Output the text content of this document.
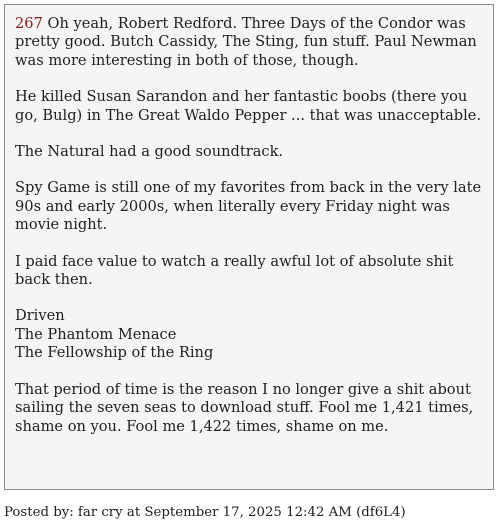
267 Oh yeah, Robert Redford. Three Days of the Condor was pretty good. Butch Cassidy, The Sting, fun stuff. Paul Newman was more interesting in both of those, though.

He killed Susan Sarandon and her fantastic boobs (there you go, Bulg) in The Great Waldo Pepper ... that was unacceptable.

The Natural had a good soundtrack.

Spy Game is still one of my favorites from back in the very late 90s and early 2000s, when literally every Friday night was movie night.

I paid face value to watch a really awful lot of absolute shit back then.

Driven
The Phantom Menace
The Fellowship of the Ring

That period of time is the reason I no longer give a shit about sailing the seven seas to download stuff. Fool me 1,421 times, shame on you. Fool me 1,422 times, shame on me.

Posted by: far cry at September 17, 2025 12:42 AM (df6L4)
